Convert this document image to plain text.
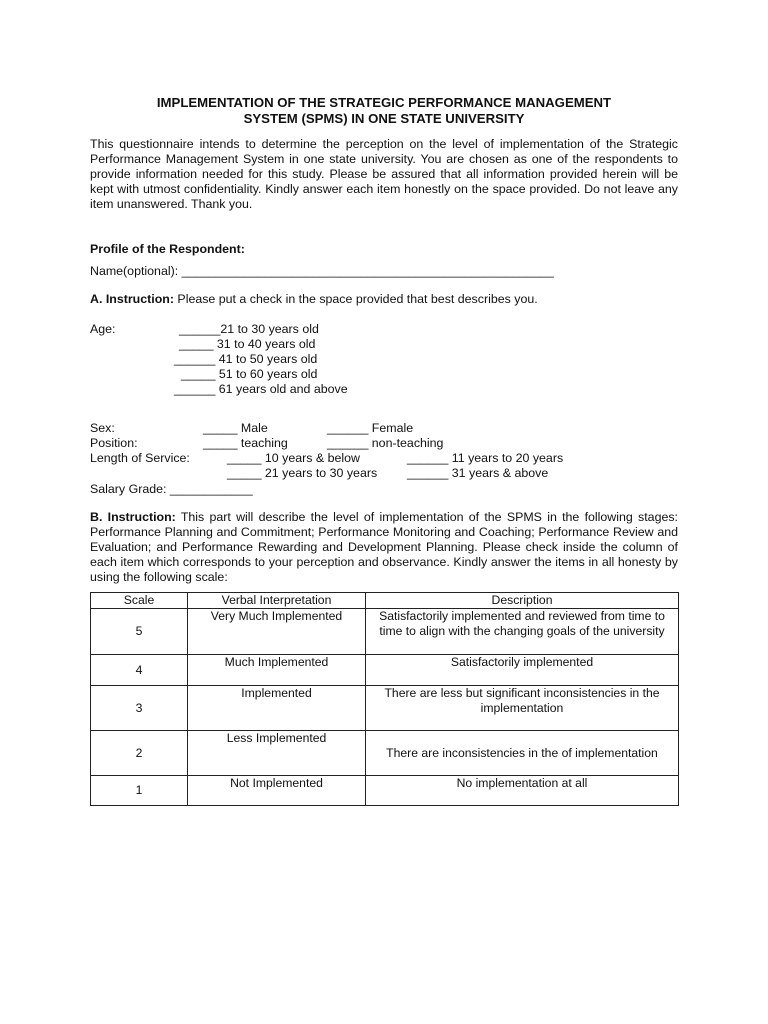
IMPLEMENTATION OF THE STRATEGIC PERFORMANCE MANAGEMENT
SYSTEM (SPMS) IN ONE STATE UNIVERSITY
This questionnaire intends to determine the perception on the level of implementation of the Strategic Performance Management System in one state university. You are chosen as one of the respondents to provide information needed for this study. Please be assured that all information provided herein will be kept with utmost confidentiality. Kindly answer each item honestly on the space provided. Do not leave any item unanswered. Thank you.
Profile of the Respondent:
Name(optional): ______________________________________________________
A. Instruction: Please put a check in the space provided that best describes you.
Age:	______21 to 30 years old
_____ 31 to 40 years old
______ 41 to 50 years old
_____ 51 to 60 years old
______ 61 years old and above
Sex:	_____ Male	______ Female
Position:	_____ teaching	______ non-teaching
Length of Service:	_____ 10 years & below	______ 11 years to 20 years
_____ 21 years to 30 years ______ 31 years & above
Salary Grade: ____________
B. Instruction: This part will describe the level of implementation of the SPMS in the following stages: Performance Planning and Commitment; Performance Monitoring and Coaching; Performance Review and Evaluation; and Performance Rewarding and Development Planning. Please check inside the column of each item which corresponds to your perception and observance. Kindly answer the items in all honesty by using the following scale:
Scale	Verbal Interpretation	Description
5	Very Much Implemented	Satisfactorily implemented and reviewed from time to time to align with the changing goals of the university
4	Much Implemented	Satisfactorily implemented
3	Implemented	There are less but significant inconsistencies in the implementation
2	Less Implemented	There are inconsistencies in the of implementation
1	Not Implemented	No implementation at all
